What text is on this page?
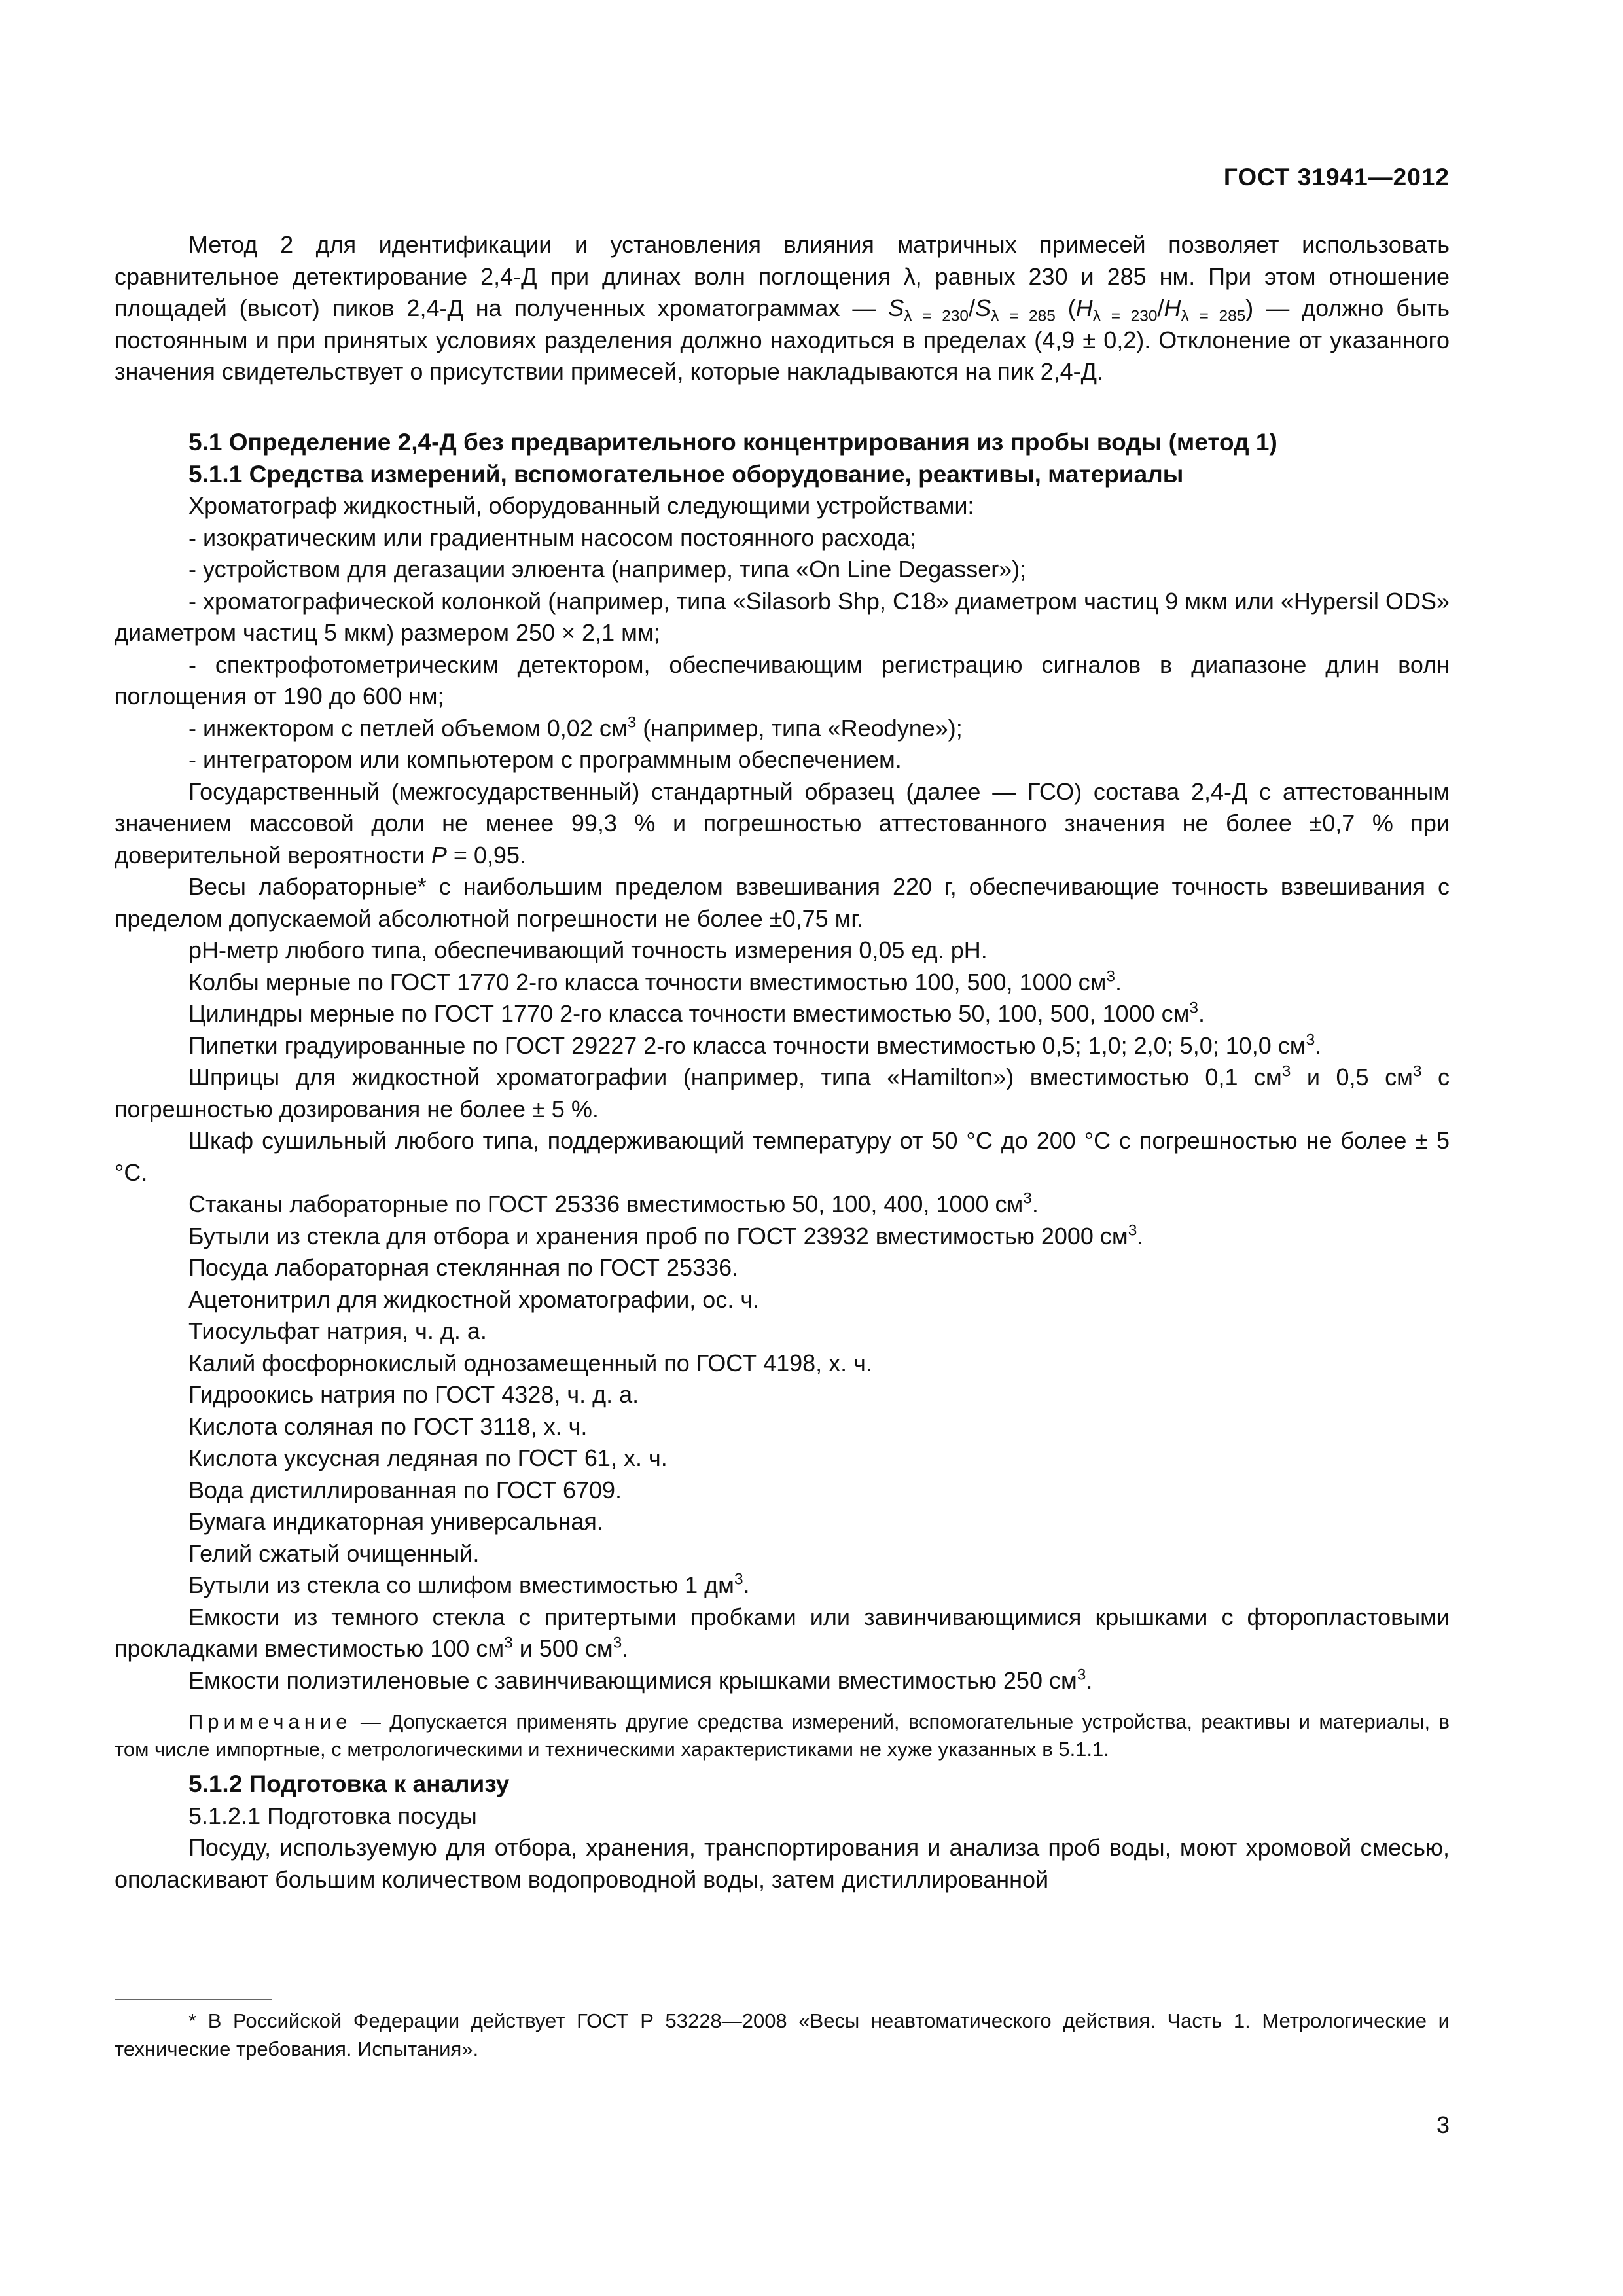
ГОСТ 31941—2012

Метод 2 для идентификации и установления влияния матричных примесей позволяет использовать сравнительное детектирование 2,4-Д при длинах волн поглощения λ, равных 230 и 285 нм. При этом отношение площадей (высот) пиков 2,4-Д на полученных хроматограммах — $S_{\lambda = 230}/S_{\lambda = 285}$ $(H_{\lambda = 230}/H_{\lambda = 285})$ — должно быть постоянным и при принятых условиях разделения должно находиться в пределах (4,9 ± 0,2). Отклонение от указанного значения свидетельствует о присутствии примесей, которые накладываются на пик 2,4-Д.

5.1 Определение 2,4-Д без предварительного концентрирования из пробы воды (метод 1)

5.1.1 Средства измерений, вспомогательное оборудование, реактивы, материалы

Хроматограф жидкостный, оборудованный следующими устройствами:

- изократическим или градиентным насосом постоянного расхода;

- устройством для дегазации элюента (например, типа «On Line Degasser»);

- хроматографической колонкой (например, типа «Silasorb Shp, C18» диаметром частиц 9 мкм или «Hypersil ODS» диаметром частиц 5 мкм) размером 250 × 2,1 мм;

- спектрофотометрическим детектором, обеспечивающим регистрацию сигналов в диапазоне длин волн поглощения от 190 до 600 нм;

- инжектором с петлей объемом 0,02 $см^3$ (например, типа «Reodyne»);

- интегратором или компьютером с программным обеспечением.

Государственный (межгосударственный) стандартный образец (далее — ГСО) состава 2,4-Д с аттестованным значением массовой доли не менее 99,3 % и погрешностью аттестованного значения не более ±0,7 % при доверительной вероятности P = 0,95.

Весы лабораторные* с наибольшим пределом взвешивания 220 г, обеспечивающие точность взвешивания с пределом допускаемой абсолютной погрешности не более ±0,75 мг.

pH-метр любого типа, обеспечивающий точность измерения 0,05 ед. pH.

Колбы мерные по ГОСТ 1770 2-го класса точности вместимостью 100, 500, 1000 $см^3$.

Цилиндры мерные по ГОСТ 1770 2-го класса точности вместимостью 50, 100, 500, 1000 $см^3$.

Пипетки градуированные по ГОСТ 29227 2-го класса точности вместимостью 0,5; 1,0; 2,0; 5,0; 10,0 $см^3$.

Шприцы для жидкостной хроматографии (например, типа «Hamilton») вместимостью 0,1 $см^3$ и 0,5 $см^3$ с погрешностью дозирования не более ± 5 %.

Шкаф сушильный любого типа, поддерживающий температуру от 50 °С до 200 °С с погрешностью не более ± 5 °С.

Стаканы лабораторные по ГОСТ 25336 вместимостью 50, 100, 400, 1000 $см^3$.

Бутыли из стекла для отбора и хранения проб по ГОСТ 23932 вместимостью 2000 $см^3$.

Посуда лабораторная стеклянная по ГОСТ 25336.

Ацетонитрил для жидкостной хроматографии, ос. ч.

Тиосульфат натрия, ч. д. а.

Калий фосфорнокислый однозамещенный по ГОСТ 4198, х. ч.

Гидроокись натрия по ГОСТ 4328, ч. д. а.

Кислота соляная по ГОСТ 3118, х. ч.

Кислота уксусная ледяная по ГОСТ 61, х. ч.

Вода дистиллированная по ГОСТ 6709.

Бумага индикаторная универсальная.

Гелий сжатый очищенный.

Бутыли из стекла со шлифом вместимостью 1 $дм^3$.

Емкости из темного стекла с притертыми пробками или завинчивающимися крышками с фторопластовыми прокладками вместимостью 100 $см^3$ и 500 $см^3$.

Емкости полиэтиленовые с завинчивающимися крышками вместимостью 250 $см^3$.

Примечание — Допускается применять другие средства измерений, вспомогательные устройства, реактивы и материалы, в том числе импортные, с метрологическими и техническими характеристиками не хуже указанных в 5.1.1.

5.1.2 Подготовка к анализу

5.1.2.1 Подготовка посуды

Посуду, используемую для отбора, хранения, транспортирования и анализа проб воды, моют хромовой смесью, ополаскивают большим количеством водопроводной воды, затем дистиллированной

* В Российской Федерации действует ГОСТ Р 53228—2008 «Весы неавтоматического действия. Часть 1. Метрологические и технические требования. Испытания».

3
